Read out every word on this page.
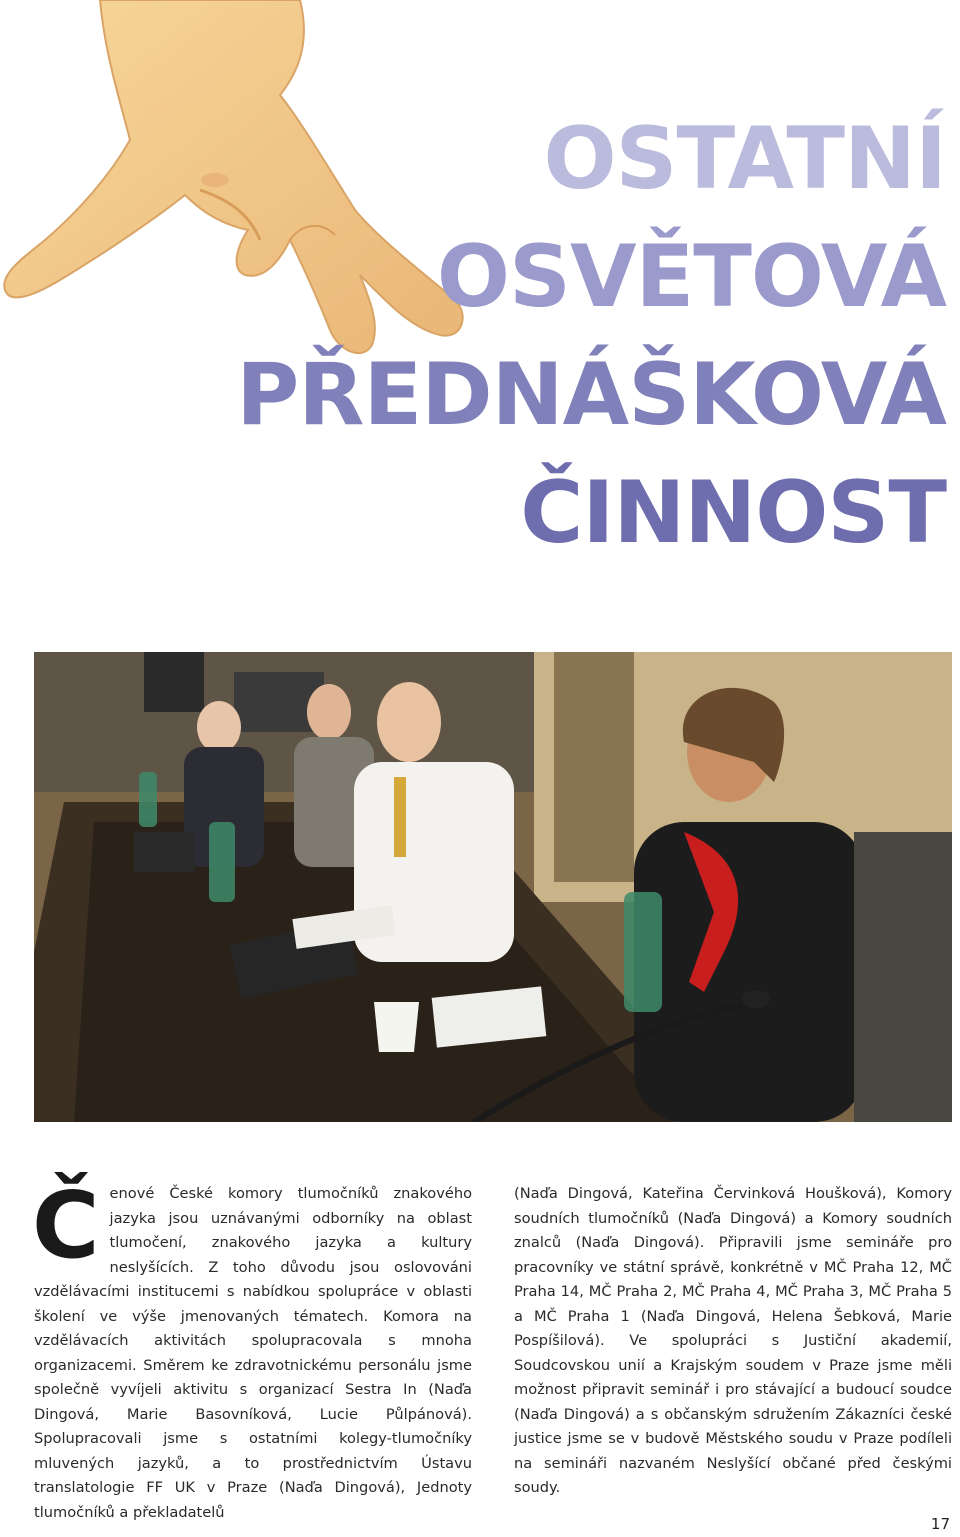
OSTATNÍ
OSVĚTOVÁ
PŘEDNÁŠKOVÁ
ČINNOST
Č enové České komory tlumočníků znakového jazyka jsou uznávanými odborníky na oblast tlumočení, znakového jazyka a kultury neslyšících. Z toho důvodu jsou oslovováni vzdělávacími institucemi s nabídkou spolupráce v oblasti školení ve výše jmenovaných tématech. Komora na vzdělávacích aktivitách spolupracovala s mnoha organizacemi. Směrem ke zdravotnickému personálu jsme společně vyvíjeli aktivitu s organizací Sestra In (Naďa Dingová, Marie Basovníková, Lucie Půlpánová). Spolupracovali jsme s ostatními kolegy-tlumočníky mluvených jazyků, a to prostřednictvím Ústavu translatologie FF UK v Praze (Naďa Dingová), Jednoty tlumočníků a překladatelů
(Naďa Dingová, Kateřina Červinková Houšková), Komory soudních tlumočníků (Naďa Dingová) a Komory soudních znalců (Naďa Dingová). Připravili jsme semináře pro pracovníky ve státní správě, konkrétně v MČ Praha 12, MČ Praha 14, MČ Praha 2, MČ Praha 4, MČ Praha 3, MČ Praha 5 a MČ Praha 1 (Naďa Dingová, Helena Šebková, Marie Pospíšilová). Ve spolupráci s Justiční akademií, Soudcovskou unií a Krajským soudem v Praze jsme měli možnost připravit seminář i pro stávající a budoucí soudce (Naďa Dingová) a s občanským sdružením Zákazníci české justice jsme se v budově Městského soudu v Praze podíleli na semináři nazvaném Neslyšící občané před českými soudy.
17
